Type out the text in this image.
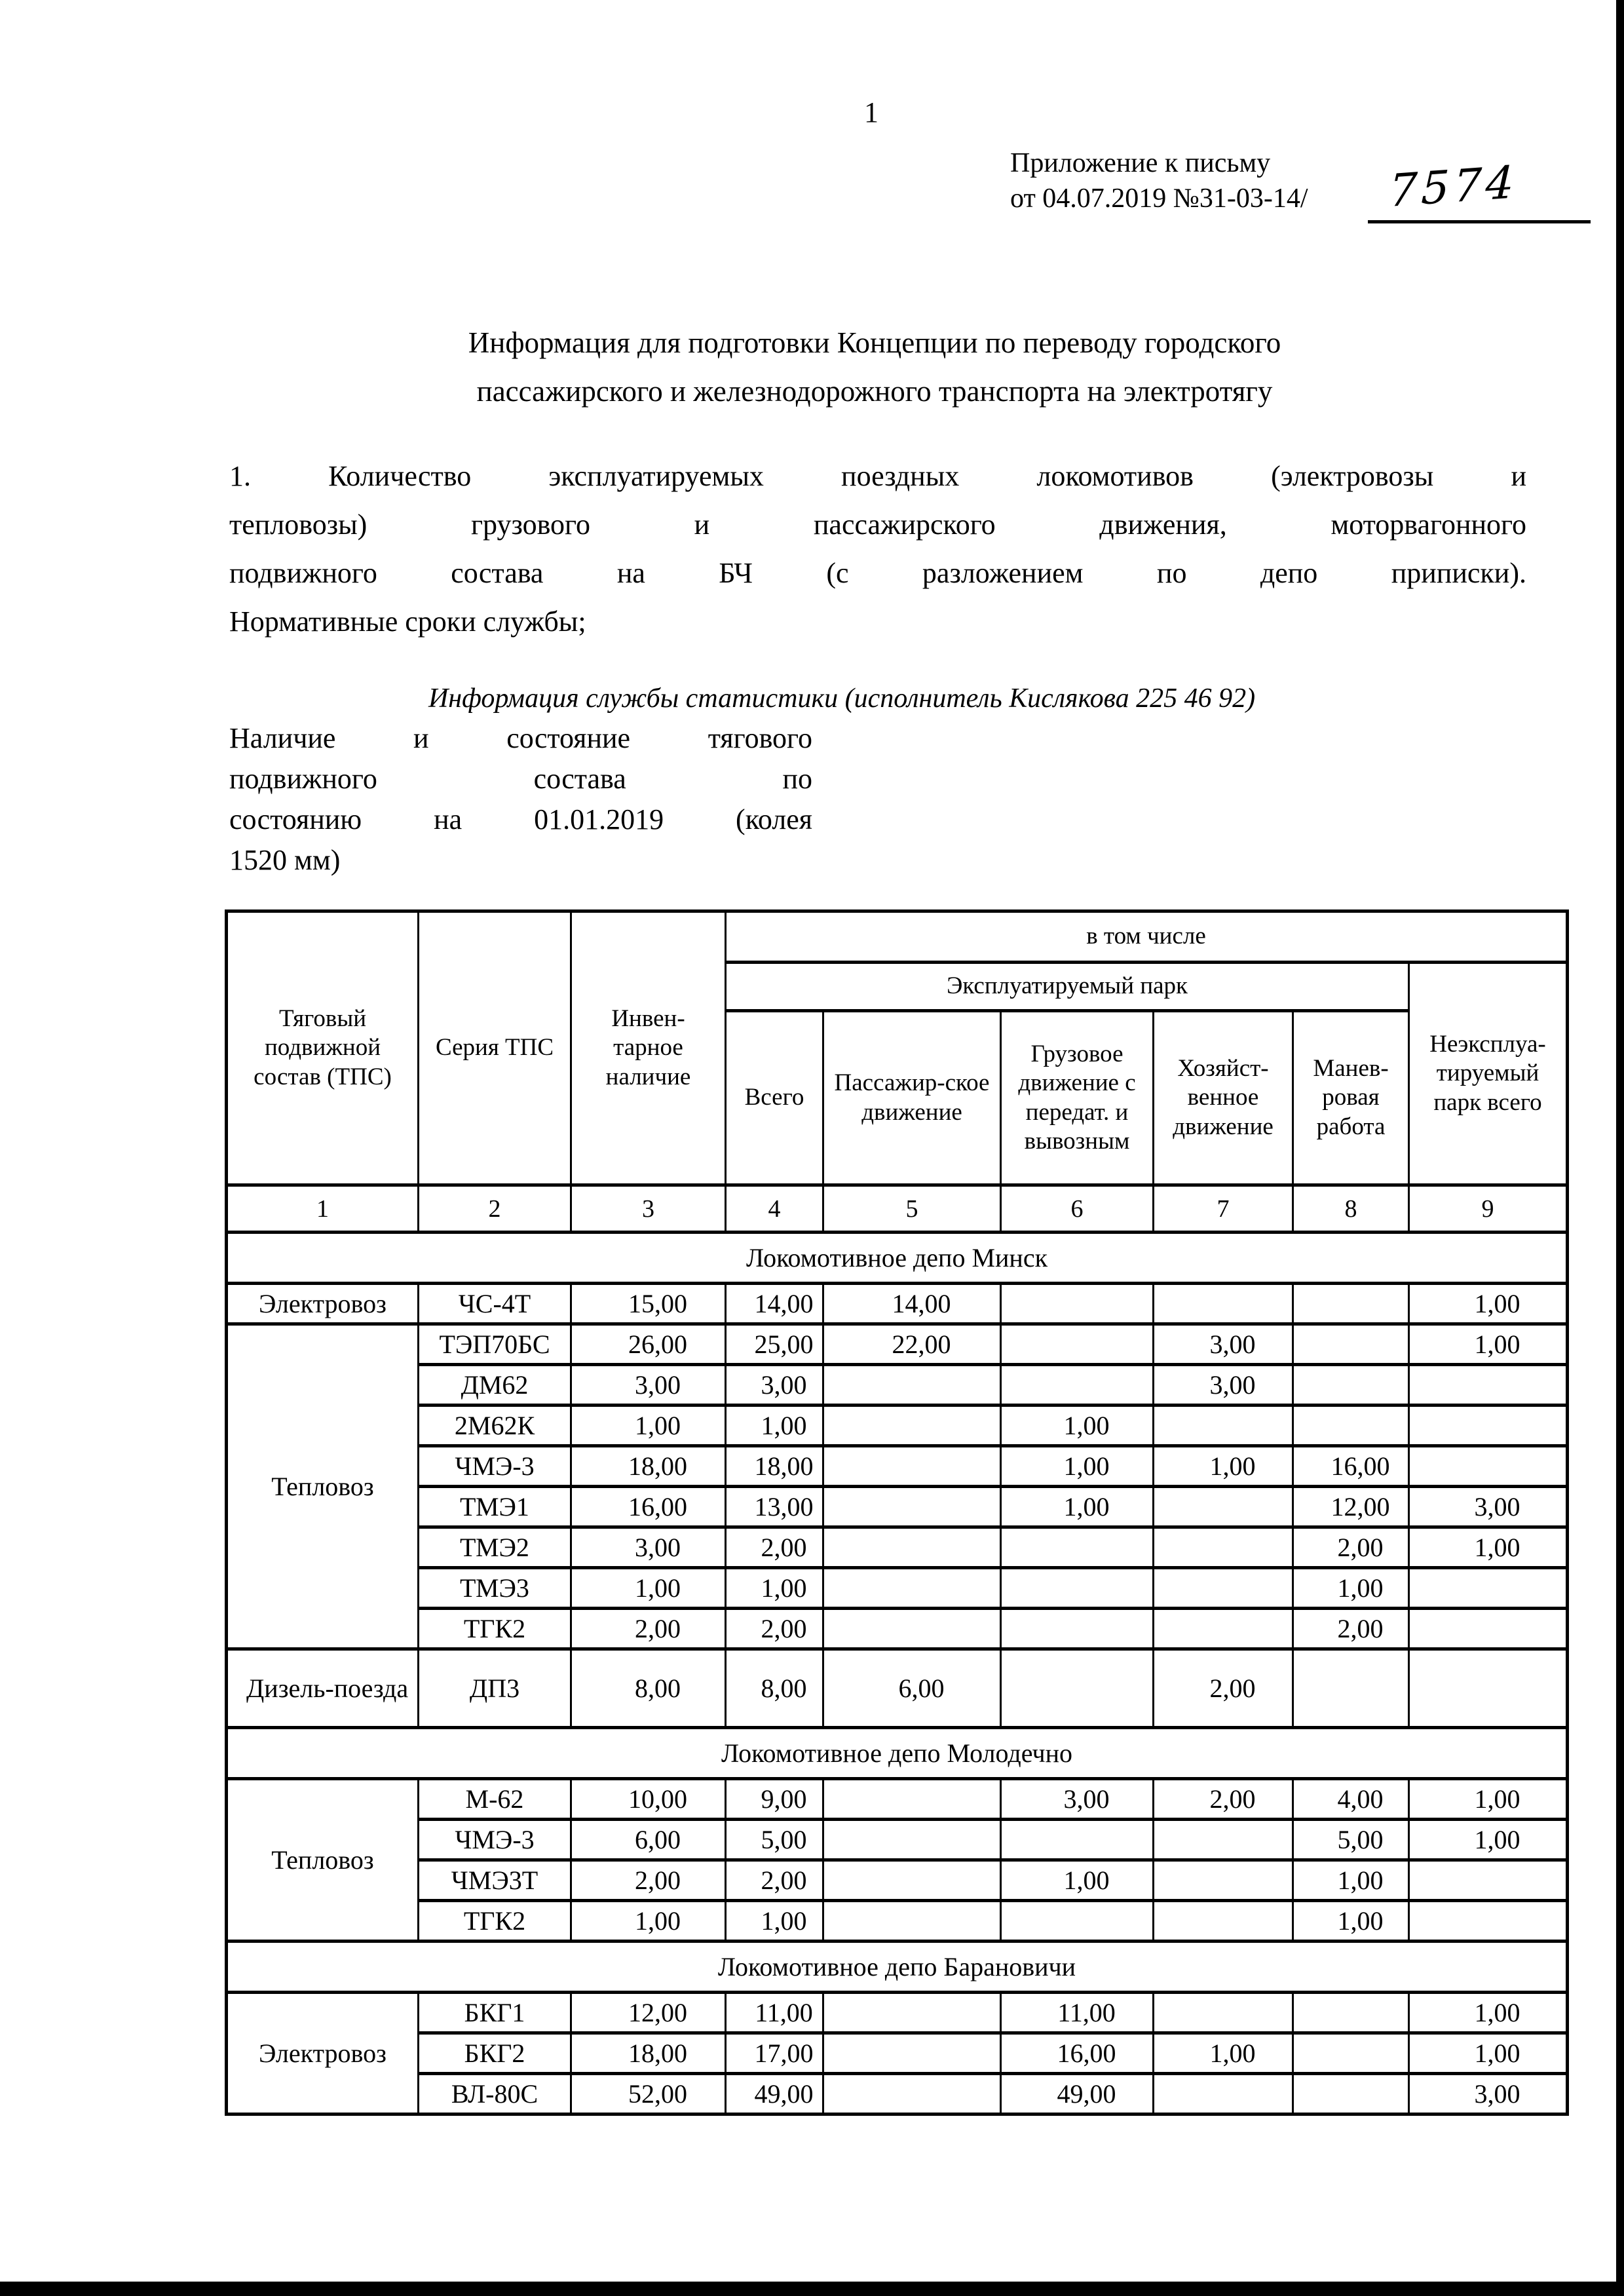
1
Приложение к письму
от 04.07.2019 №31-03-14/ 7574
Информация для подготовки Концепции по переводу городского
пассажирского и железнодорожного транспорта на электротягу
1. Количество эксплуатируемых поездных локомотивов (электровозы и
тепловозы) грузового и пассажирского движения, моторвагонного
подвижного состава на БЧ (с разложением по депо приписки).
Нормативные сроки службы;
Информация службы статистики (исполнитель Кислякова 225 46 92)
Наличие и состояние тягового
подвижного состава по
состоянию на 01.01.2019 (колея
1520 мм)
Тяговый подвижной состав (ТПС)	Серия ТПС	Инвен-тарное наличие	в том числе					
			Эксплуатируемый парк					Неэксплуа-тируемый парк всего
			Всего	Пассажир-ское движение	Грузовое движение с передат. и вывозным	Хозяйст-венное движение	Манев-ровая работа	
1	2	3	4	5	6	7	8	9
Локомотивное депо Минск								
Электровоз	ЧС-4Т	15,00	14,00	14,00				1,00
Тепловоз	ТЭП70БС	26,00	25,00	22,00		3,00		1,00
	ДМ62	3,00	3,00			3,00		
	2М62К	1,00	1,00		1,00			
	ЧМЭ-3	18,00	18,00		1,00	1,00	16,00	
	ТМЭ1	16,00	13,00		1,00		12,00	3,00
	ТМЭ2	3,00	2,00				2,00	1,00
	ТМЭ3	1,00	1,00				1,00	
	ТГК2	2,00	2,00				2,00	
Дизель-поезда	ДП3	8,00	8,00	6,00		2,00		
Локомотивное депо Молодечно								
Тепловоз	М-62	10,00	9,00		3,00	2,00	4,00	1,00
	ЧМЭ-3	6,00	5,00				5,00	1,00
	ЧМЭ3Т	2,00	2,00		1,00		1,00	
	ТГК2	1,00	1,00				1,00	
Локомотивное депо Барановичи								
Электровоз	БКГ1	12,00	11,00		11,00			1,00
	БКГ2	18,00	17,00		16,00	1,00		1,00
	ВЛ-80С	52,00	49,00		49,00			3,00
